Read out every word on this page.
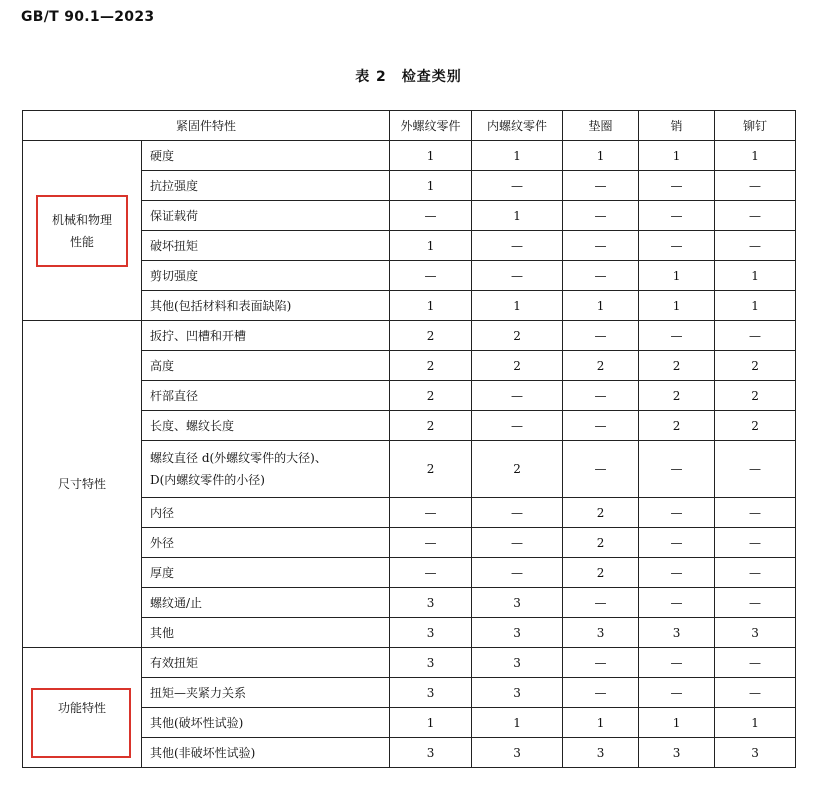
GB/T 90.1—2023
表 2　检查类别
紧固件特性		外螺纹零件	内螺纹零件	垫圈	销	铆钉

机械和物理
性能	硬度	1	1	1	1	1
	抗拉强度	1	—	—	—	—
	保证载荷	—	1	—	—	—
	破坏扭矩	1	—	—	—	—
	剪切强度	—	—	—	1	1
	其他(包括材料和表面缺陷)	1	1	1	1	1

尺寸特性	扳拧、凹槽和开槽	2	2	—	—	—
	高度	2	2	2	2	2
	杆部直径	2	—	—	2	2
	长度、螺纹长度	2	—	—	2	2

	螺纹直径 d(外螺纹零件的大径)、
D(内螺纹零件的小径)	2	2	—	—	—
	内径	—	—	2	—	—
	外径	—	—	2	—	—
	厚度	—	—	2	—	—
	螺纹通/止	3	3	—	—	—
	其他	3	3	3	3	3

功能特性	有效扭矩	3	3	—	—	—
	扭矩—夹紧力关系	3	3	—	—	—
	其他(破坏性试验)	1	1	1	1	1
	其他(非破坏性试验)	3	3	3	3	3
